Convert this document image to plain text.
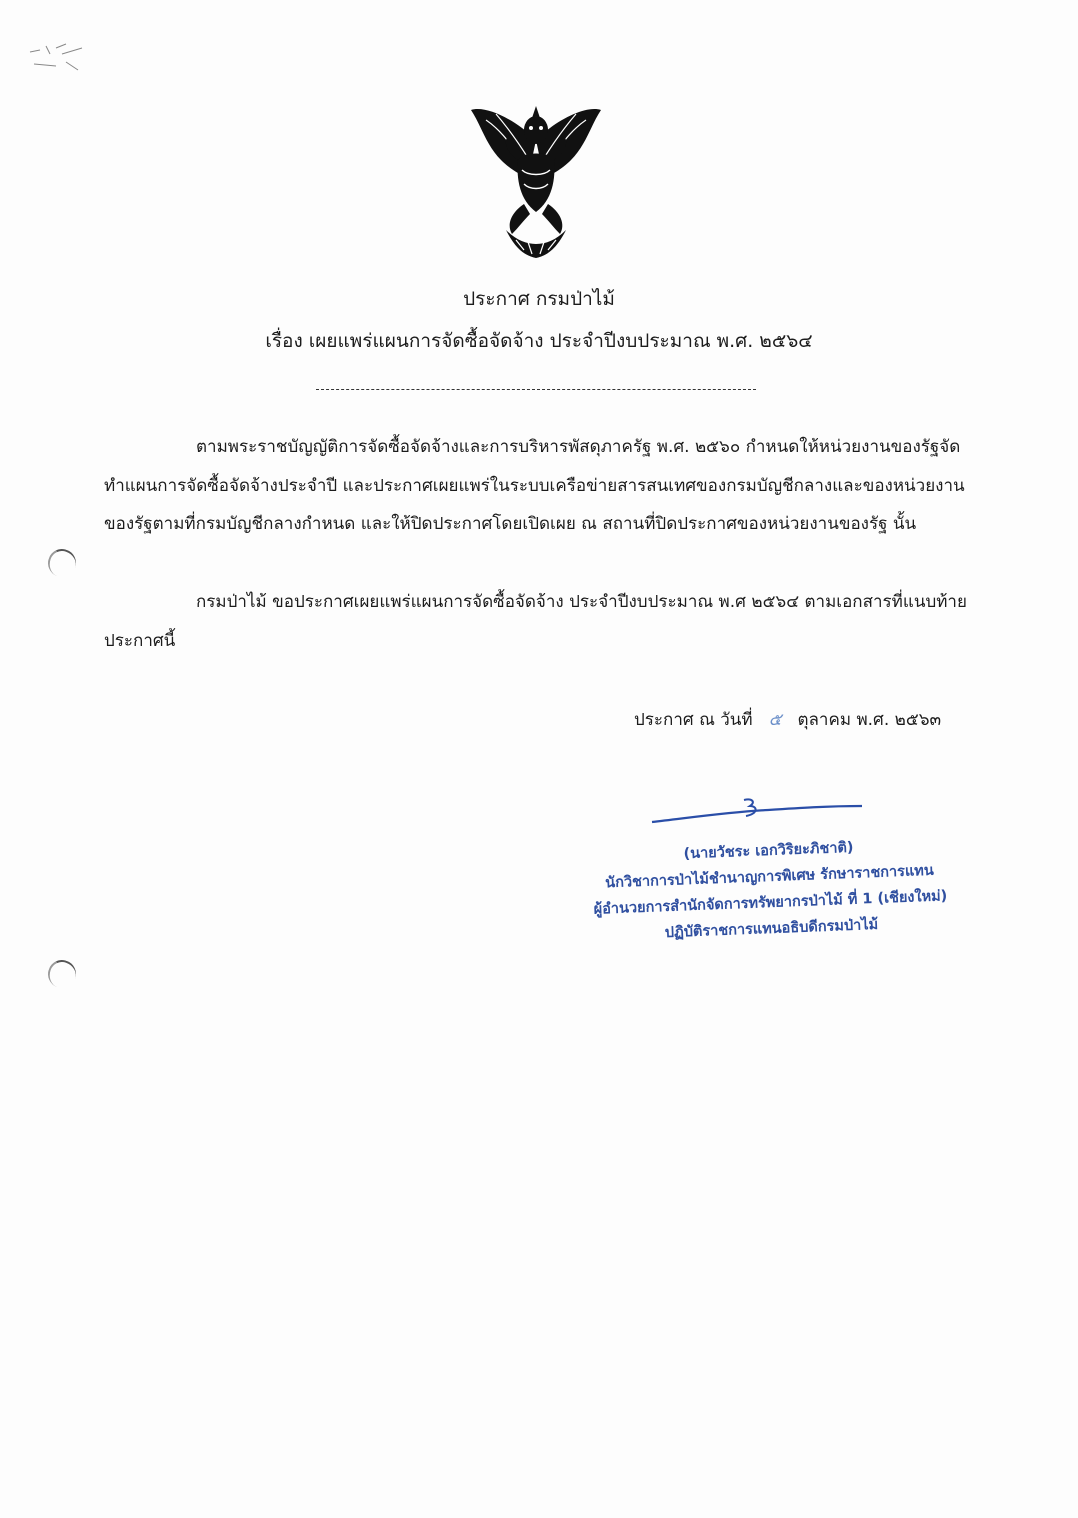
ประกาศ กรมป่าไม้
เรื่อง เผยแพร่แผนการจัดซื้อจัดจ้าง ประจำปีงบประมาณ พ.ศ. ๒๕๖๔
ตามพระราชบัญญัติการจัดซื้อจัดจ้างและการบริหารพัสดุภาครัฐ พ.ศ. ๒๕๖๐ กำหนดให้หน่วยงานของรัฐจัดทำแผนการจัดซื้อจัดจ้างประจำปี และประกาศเผยแพร่ในระบบเครือข่ายสารสนเทศของกรมบัญชีกลางและของหน่วยงานของรัฐตามที่กรมบัญชีกลางกำหนด และให้ปิดประกาศโดยเปิดเผย ณ สถานที่ปิดประกาศของหน่วยงานของรัฐ นั้น
กรมป่าไม้ ขอประกาศเผยแพร่แผนการจัดซื้อจัดจ้าง ประจำปีงบประมาณ พ.ศ ๒๕๖๔ ตามเอกสารที่แนบท้ายประกาศนี้
ประกาศ ณ วันที่ ๕ ตุลาคม พ.ศ. ๒๕๖๓
(นายวัชระ เอกวิริยะภิชาติ)
นักวิชาการป่าไม้ชำนาญการพิเศษ รักษาราชการแทน
ผู้อำนวยการสำนักจัดการทรัพยากรป่าไม้ ที่ 1 (เชียงใหม่)
ปฏิบัติราชการแทนอธิบดีกรมป่าไม้
